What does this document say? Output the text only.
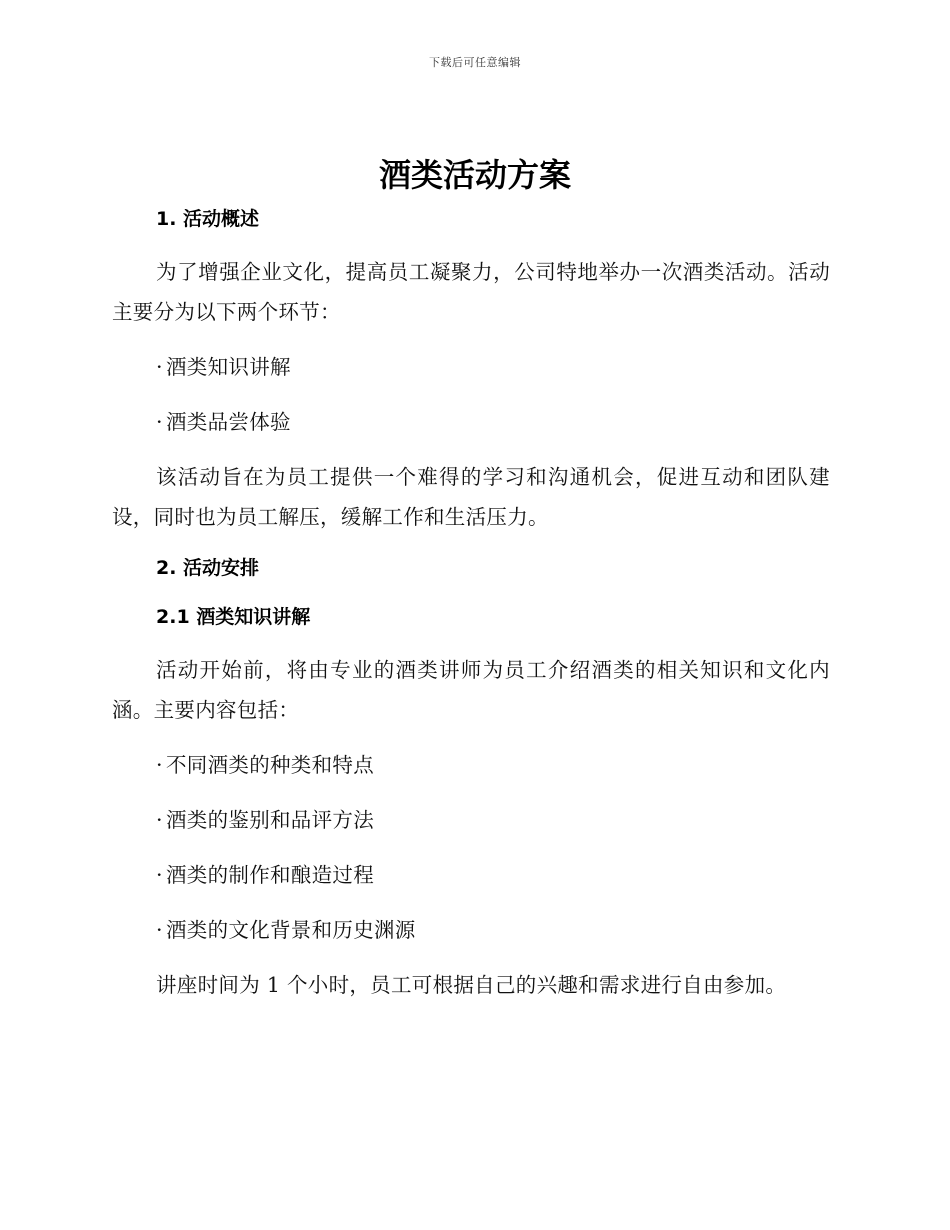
下载后可任意编辑
酒类活动方案
1. 活动概述

为了增强企业文化，提高员工凝聚力，公司特地举办一次酒类活动。活动主要分为以下两个环节：

· 酒类知识讲解

· 酒类品尝体验

该活动旨在为员工提供一个难得的学习和沟通机会，促进互动和团队建设，同时也为员工解压，缓解工作和生活压力。

2. 活动安排
2.1 酒类知识讲解

活动开始前，将由专业的酒类讲师为员工介绍酒类的相关知识和文化内涵。主要内容包括：

· 不同酒类的种类和特点

· 酒类的鉴别和品评方法

· 酒类的制作和酿造过程

· 酒类的文化背景和历史渊源

讲座时间为 1 个小时，员工可根据自己的兴趣和需求进行自由参加。
